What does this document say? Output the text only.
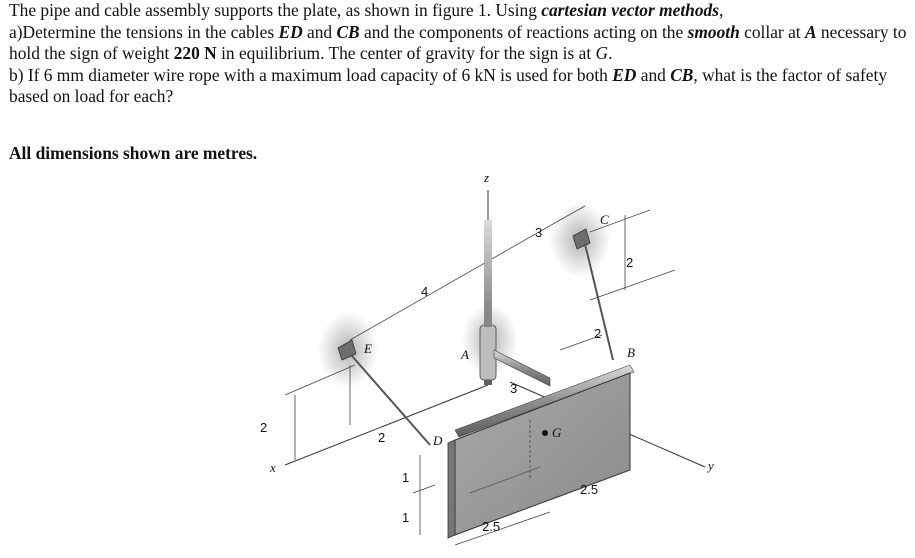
The pipe and cable assembly supports the plate, as shown in figure 1. Using cartesian vector methods,

a)Determine the tensions in the cables ED and CB and the components of reactions acting on the smooth collar at A necessary to hold the sign of weight 220 N in equilibrium. The center of gravity for the sign is at G.

b) If 6 mm diameter wire rope with a maximum load capacity of 6 kN is used for both ED and CB, what is the factor of safety based on load for each?

All dimensions shown are metres.
z
x	y
4
3
E
C
2
B
2
D
A
3
G
2
2
1
1
2.5
2.5
